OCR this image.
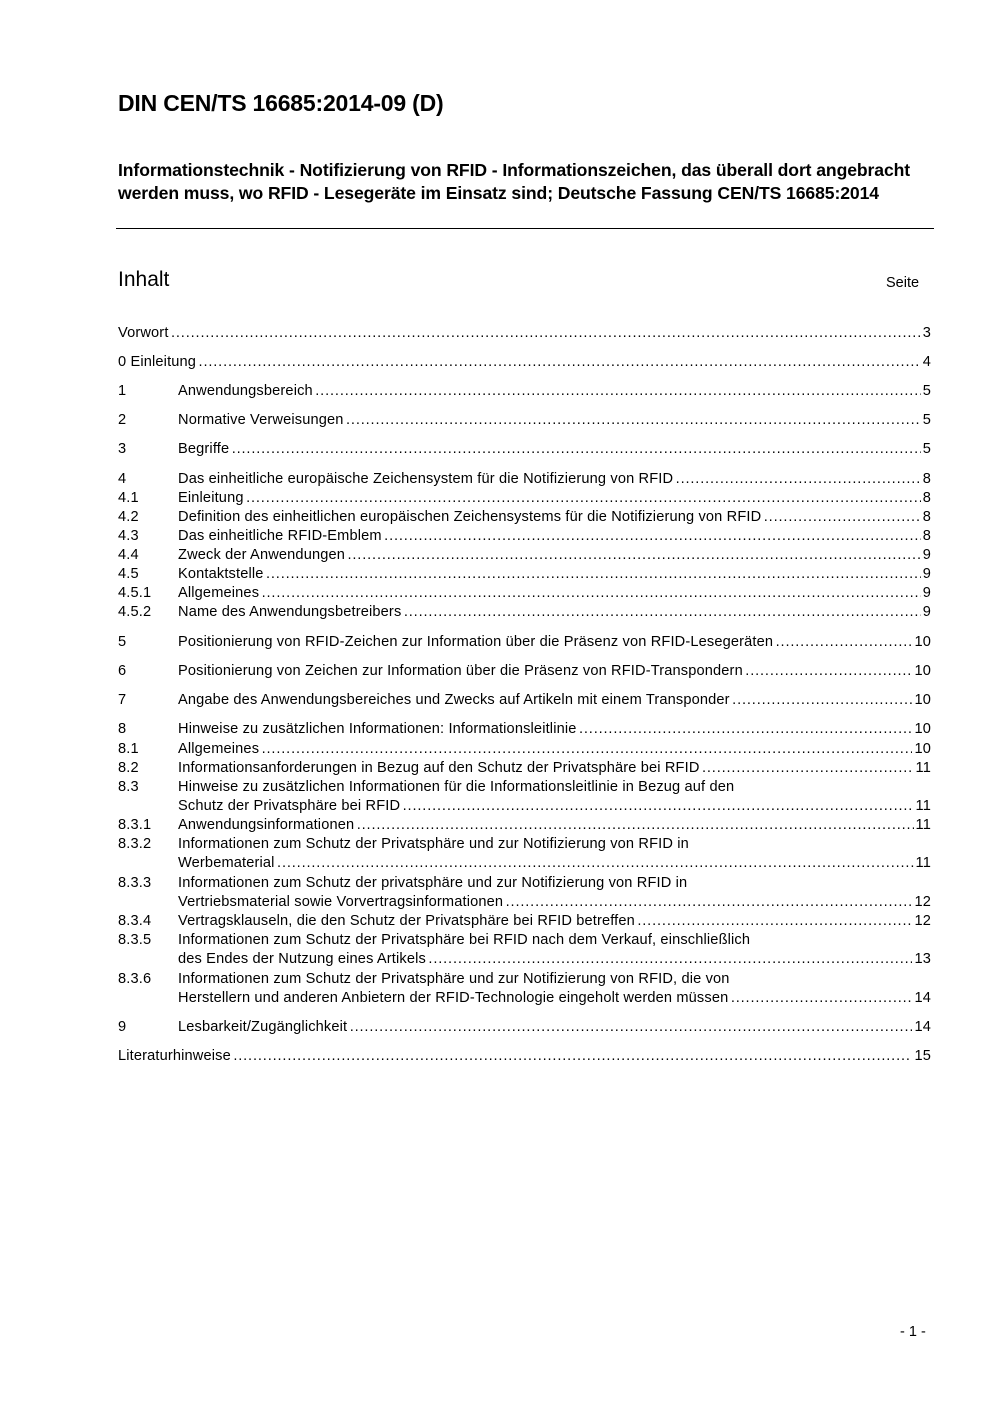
DIN CEN/TS 16685:2014-09 (D)
Informationstechnik - Notifizierung von RFID - Informationszeichen, das überall dort angebracht werden muss, wo RFID - Lesegeräte im Einsatz sind; Deutsche Fassung CEN/TS 16685:2014
Inhalt	Seite
Vorwort . . .	3
0 Einleitung . . .	4
1	Anwendungsbereich . . .	5
2	Normative Verweisungen . . .	5
3	Begriffe . . .	5
4	Das einheitliche europäische Zeichensystem für die Notifizierung von RFID . . .	8
4.1	Einleitung . . .	8
4.2	Definition des einheitlichen europäischen Zeichensystems für die Notifizierung von RFID . . .	8
4.3	Das einheitliche RFID-Emblem . . .	8
4.4	Zweck der Anwendungen . . .	9
4.5	Kontaktstelle . . .	9
4.5.1 Allgemeines . . .	9
4.5.2 Name des Anwendungsbetreibers . . .	9
5	Positionierung von RFID-Zeichen zur Information über die Präsenz von RFID-Lesegeräten . . .	10
6	Positionierung von Zeichen zur Information über die Präsenz von RFID-Transpondern . . .	10
7	Angabe des Anwendungsbereiches und Zwecks auf Artikeln mit einem Transponder . . .	10
8	Hinweise zu zusätzlichen Informationen: Informationsleitlinie . . .	10
8.1	Allgemeines . . .	10
8.2	Informationsanforderungen in Bezug auf den Schutz der Privatsphäre bei RFID . . .	11
8.3	Hinweise zu zusätzlichen Informationen für die Informationsleitlinie in Bezug auf den
Schutz der Privatsphäre bei RFID . . .	11
8.3.1 Anwendungsinformationen . . .	11
8.3.2 Informationen zum Schutz der Privatsphäre und zur Notifizierung von RFID in
Werbematerial . . .	11
8.3.3 Informationen zum Schutz der privatsphäre und zur Notifizierung von RFID in
Vertriebsmaterial sowie Vorvertragsinformationen . . .	12
8.3.4 Vertragsklauseln, die den Schutz der Privatsphäre bei RFID betreffen . . .	12
8.3.5 Informationen zum Schutz der Privatsphäre bei RFID nach dem Verkauf, einschließlich
des Endes der Nutzung eines Artikels . . .	13
8.3.6 Informationen zum Schutz der Privatsphäre und zur Notifizierung von RFID, die von
Herstellern und anderen Anbietern der RFID-Technologie eingeholt werden müssen . . .	14
9	Lesbarkeit/Zugänglichkeit . . .	14
Literaturhinweise . . .	15
- 1 -
